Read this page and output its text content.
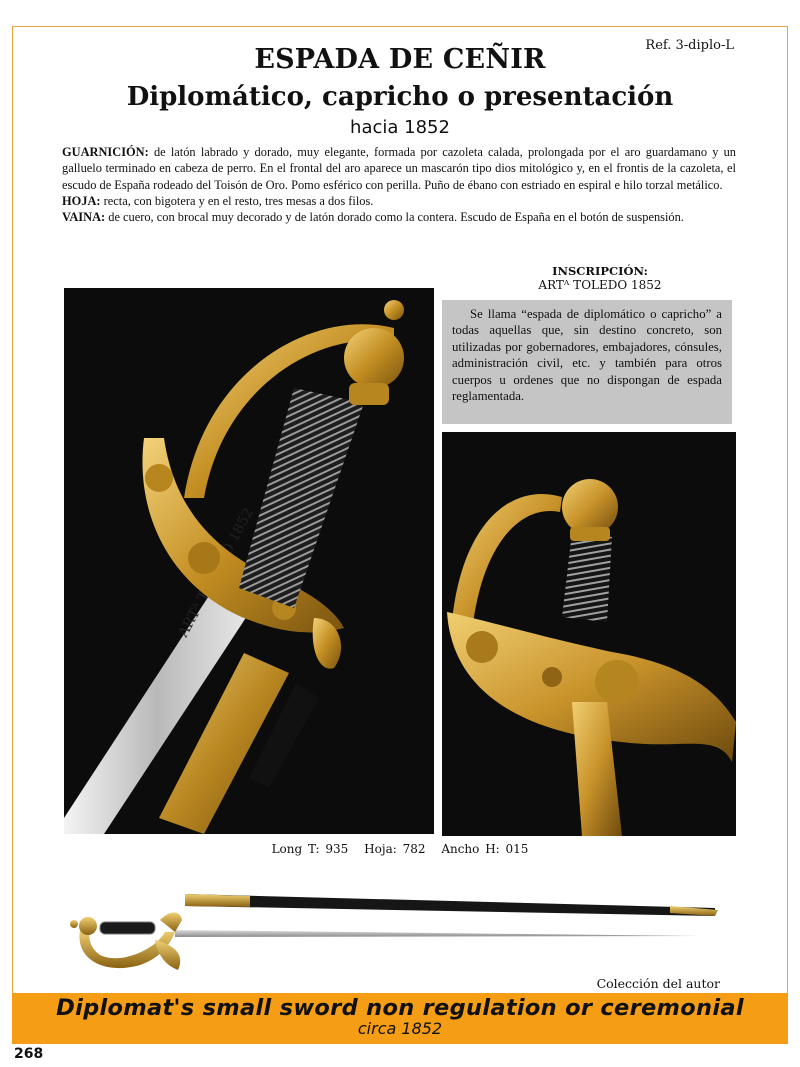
Ref. 3-diplo-L
ESPADA DE CEÑIR
Diplomático, capricho o presentación
hacia 1852

GUARNICIÓN: de latón labrado y dorado, muy elegante, formada por cazoleta calada, prolongada por el aro guardamano y un galluelo terminado en cabeza de perro. En el frontal del aro aparece un mascarón tipo dios mitológico y, en el frontis de la cazoleta, el escudo de España rodeado del Toisón de Oro. Pomo esférico con perilla. Puño de ébano con estriado en espiral e hilo torzal metálico.

HOJA: recta, con bigotera y en el resto, tres mesas a dos filos.

VAINA: de cuero, con brocal muy decorado y de latón dorado como la contera. Escudo de España en el botón de suspensión.

INSCRIPCIÓN:
ARTᴬ TOLEDO 1852
Se llama “espada de diplomático o capricho” a todas aquellas que, sin destino concreto, son utilizadas por gobernadores, embajadores, cónsules, administración civil, etc. y también para otros cuerpos u ordenes que no dispongan de espada reglamentada.
Long T: 935 Hoja: 782 Ancho H: 015
Colección del autor
Diplomat's small sword non regulation or ceremonial
circa 1852
268
